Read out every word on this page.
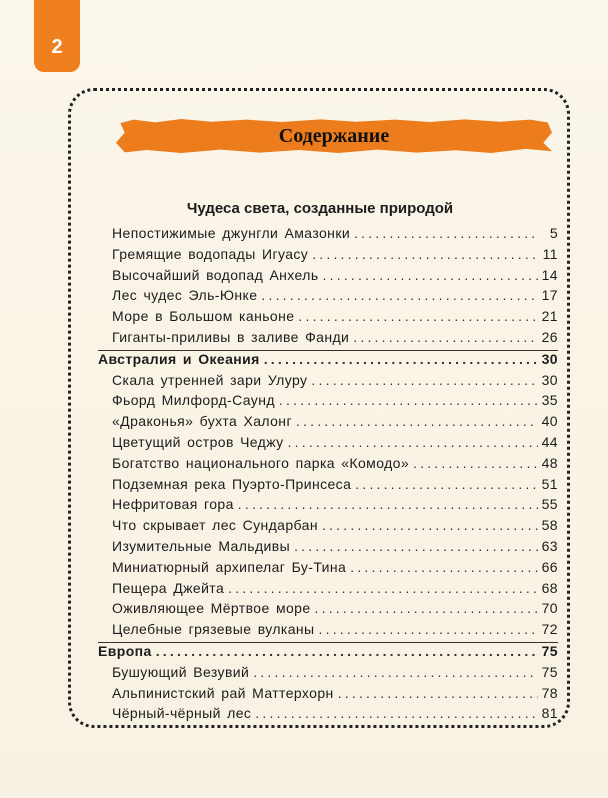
2
Содержание
Чудеса света, созданные природой
Непостижимые джунгли Амазонки .....	5
Гремящие водопады Игуасу .....	11
Высочайший водопад Анхель .....	14
Лес чудес Эль-Юнке .....	17
Море в Большом каньоне .....	21
Гиганты-приливы в заливе Фанди .....	26
Австралия и Океания .....	30
Скала утренней зари Улуру .....	30
Фьорд Милфорд-Саунд .....	35
«Драконья» бухта Халонг .....	40
Цветущий остров Чеджу .....	44
Богатство национального парка «Комодо» .....	48
Подземная река Пуэрто-Принсеса .....	51
Нефритовая гора .....	55
Что скрывает лес Сундарбан .....	58
Изумительные Мальдивы .....	63
Миниатюрный архипелаг Бу-Тина .....	66
Пещера Джейта .....	68
Оживляющее Мёртвое море .....	70
Целебные грязевые вулканы .....	72
Европа .....	75
Бушующий Везувий .....	75
Альпинистский рай Маттерхорн .....	78
Чёрный-чёрный лес .....	81
